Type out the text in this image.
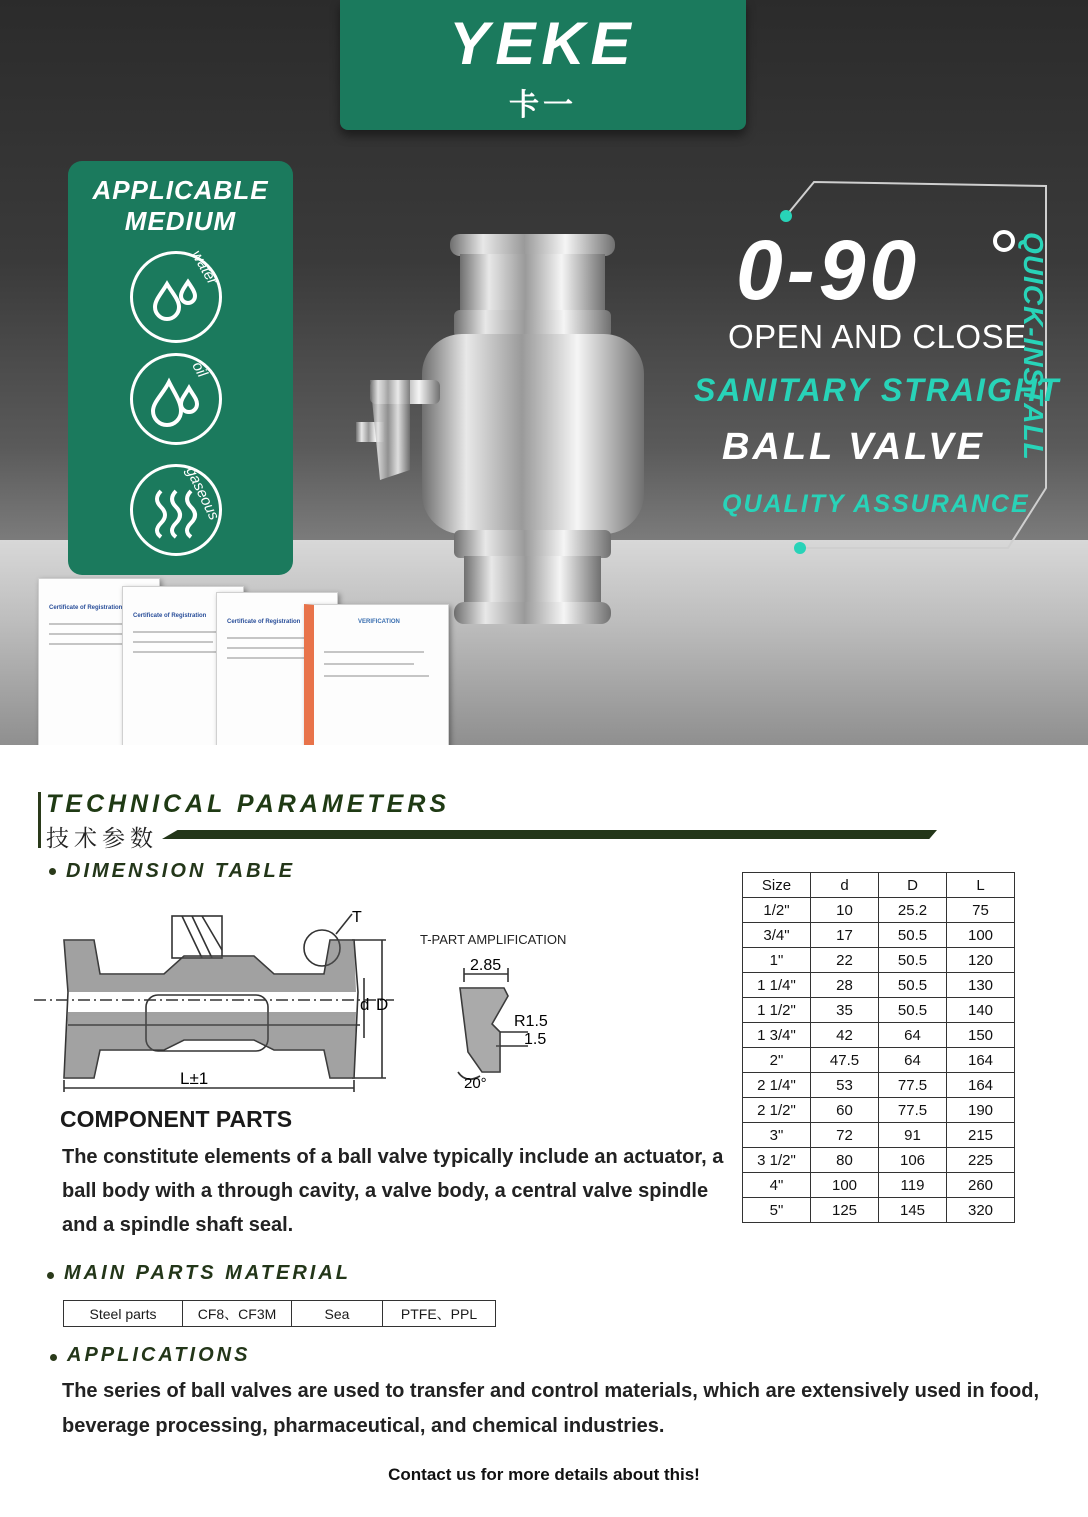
Certificate of Registration
Certificate of Registration
Certificate of Registration	VERIFICATION
YEKE
卡一
APPLICABLE
MEDIUM
water
oil
gaseous
0-90
OPEN AND CLOSE
SANITARY STRAIGHT
BALL VALVE
QUALITY ASSURANCE
QUICK-INSTALL
TECHNICAL PARAMETERS
技术参数
DIMENSION TABLE
T
d D
L±1
T-PART AMPLIFICATION
2.85
R1.5
1.5
20°
Size	d	D	L
1/2"	10	25.2	75
3/4"	17	50.5	100
1"	22	50.5	120
1 1/4"	28	50.5	130
1 1/2"	35	50.5	140
1 3/4"	42	64	150
2"	47.5	64	164
2 1/4"	53	77.5	164
2 1/2"	60	77.5	190
3"	72	91	215
3 1/2"	80	106	225
4"	100	119	260
5"	125	145	320
COMPONENT PARTS
The constitute elements of a ball valve typically include an actuator, a ball body with a through cavity, a valve body, a central valve spindle and a spindle shaft seal.
MAIN PARTS MATERIAL
Steel parts	CF8、CF3M	Sea	PTFE、PPL
APPLICATIONS
The series of ball valves are used to transfer and control materials, which are extensively used in food, beverage processing, pharmaceutical, and chemical industries.
Contact us for more details about this!
